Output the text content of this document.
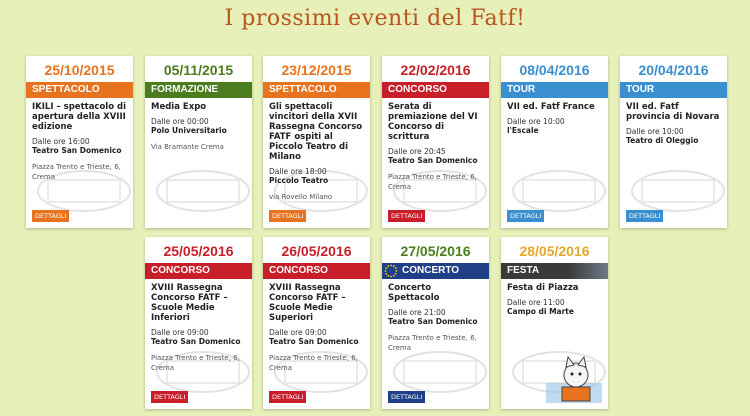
I prossimi eventi del Fatf!
25/10/2015
SPETTACOLO
IKILI – spettacolo di apertura della XVIII edizione
Dalle ore 16:00
Teatro San Domenico
Piazza Trento e Trieste, 6, Crema
DETTAGLI
05/11/2015
FORMAZIONE
Media Expo
Dalle ore 00:00
Polo Universitario
Via Bramante Crema
23/12/2015
SPETTACOLO
Gli spettacoli vincitori della XVII Rassegna Concorso FATF ospiti al Piccolo Teatro di Milano
Dalle ore 18:00
Piccolo Teatro
via Rovello Milano
DETTAGLI
22/02/2016
CONCORSO
Serata di premiazione del VI Concorso di scrittura
Dalle ore 20:45
Teatro San Domenico
Piazza Trento e Trieste, 6, Crema
DETTAGLI
08/04/2016
TOUR
VII ed. Fatf France
Dalle ore 10:00
l'Escale
DETTAGLI
20/04/2016
TOUR
VII ed. Fatf provincia di Novara
Dalle ore 10:00
Teatro di Oleggio
DETTAGLI
25/05/2016
CONCORSO
XVIII Rassegna Concorso FATF – Scuole Medie Inferiori
Dalle ore 09:00
Teatro San Domenico
Piazza Trento e Trieste, 6, Crema
DETTAGLI
26/05/2016
CONCORSO
XVIII Rassegna Concorso FATF – Scuole Medie Superiori
Dalle ore 09:00
Teatro San Domenico
Piazza Trento e Trieste, 6, Crema
DETTAGLI
27/05/2016
CONCERTO
Concerto Spettacolo
Dalle ore 21:00
Teatro San Domenico
Piazza Trento e Trieste, 6, Crema
DETTAGLI
28/05/2016
FESTA
Festa di Piazza
Dalle ore 11:00
Campo di Marte
